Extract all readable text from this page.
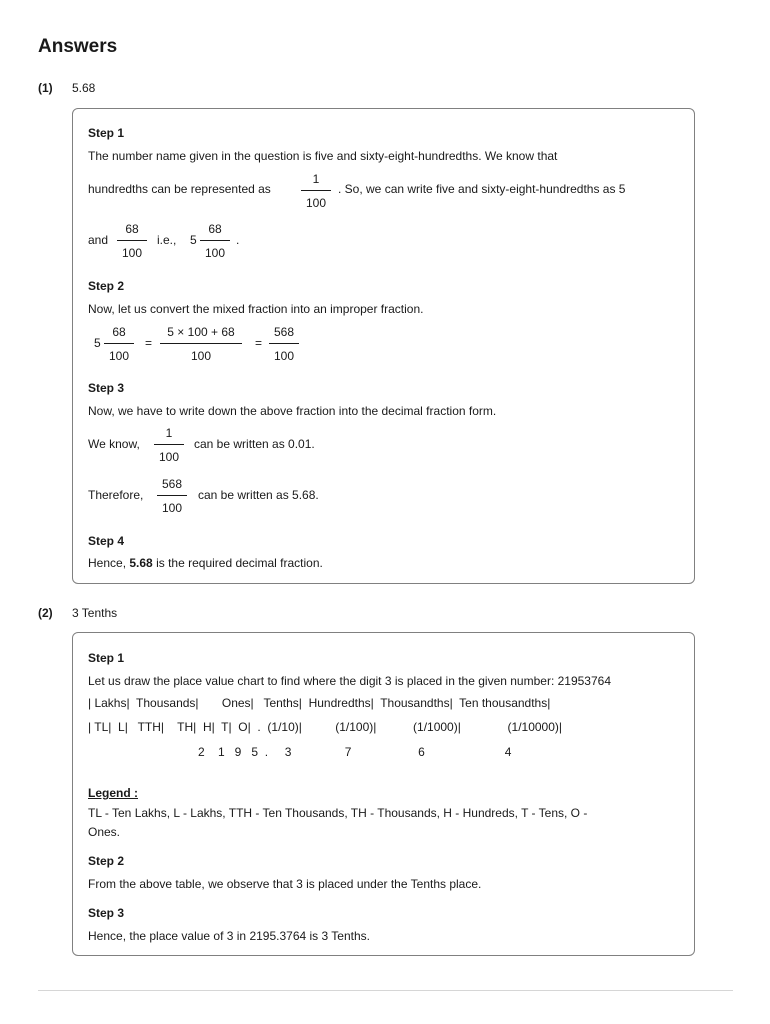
Answers
(1) 5.68
Step 1
The number name given in the question is five and sixty-eight-hundredths. We know that
hundredths can be represented as
1
100
. So, we can write five and sixty-eight-hundredths as 5
and
68
100
i.e., 5
68
100
.
Step 2
Now, let us convert the mixed fraction into an improper fraction.
5
68
100
=
5 × 100 + 68
100
=
568
100
Step 3
Now, we have to write down the above fraction into the decimal fraction form.
We know,
1
100
can be written as 0.01.
Therefore,
568
100
can be written as 5.68.
Step 4
Hence, 5.68 is the required decimal fraction.
(2) 3 Tenths
Step 1
Let us draw the place value chart to find where the digit 3 is placed in the given number: 21953764
| Lakhs|  Thousands|       Ones|   Tenths|  Hundredths|  Thousandths|  Ten thousandths|
| TL|  L|   TTH|    TH|  H|  T|  O|  .  (1/10)|          (1/100)|           (1/1000)|              (1/10000)|
2    1   9   5  .     3                7                    6                        4
Legend :
TL - Ten Lakhs, L - Lakhs, TTH - Ten Thousands, TH - Thousands, H - Hundreds, T - Tens, O -
Ones.
Step 2
From the above table, we observe that 3 is placed under the Tenths place.
Step 3
Hence, the place value of 3 in 2195.3764 is 3 Tenths.
